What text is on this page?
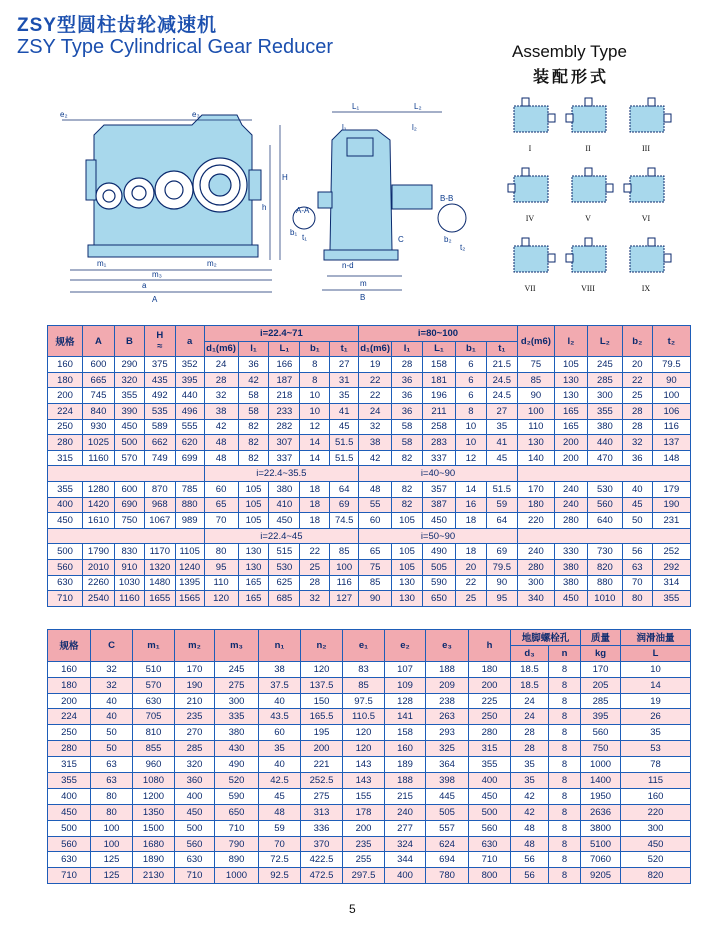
ZSY型圆柱齿轮减速机
ZSY Type Cylindrical Gear Reducer	Assembly Type
装配形式
e₂	e₃
H
h
m₁	m₂
m₃
a
A
L₁
l₁
L₂
l₂
A-A
B-B
b₁
t₁	b₂
t₂
C
n-d
m
B
I	II	III
IV	V	VI
VII	VIII	IX
规格	A	B	H
≈	a	i=22.4~71					i=80~100					d₂(m6)	l₂	L₂	b₂	t₂
					d₁(m6)	l₁	L₁	b₁	t₁	d₁(m6)	l₁	L₁	b₁	t₁					
160	600	290	375	352	24	36	166	8	27	19	28	158	6	21.5	75	105	245	20	79.5
180	665	320	435	395	28	42	187	8	31	22	36	181	6	24.5	85	130	285	22	90
200	745	355	492	440	32	58	218	10	35	22	36	196	6	24.5	90	130	300	25	100
224	840	390	535	496	38	58	233	10	41	24	36	211	8	27	100	165	355	28	106
250	930	450	589	555	42	82	282	12	45	32	58	258	10	35	110	165	380	28	116
280	1025	500	662	620	48	82	307	14	51.5	38	58	283	10	41	130	200	440	32	137
315	1160	570	749	699	48	82	337	14	51.5	42	82	337	12	45	140	200	470	36	148
					i=22.4~35.5					i=40~90									
355	1280	600	870	785	60	105	380	18	64	48	82	357	14	51.5	170	240	530	40	179
400	1420	690	968	880	65	105	410	18	69	55	82	387	16	59	180	240	560	45	190
450	1610	750	1067	989	70	105	450	18	74.5	60	105	450	18	64	220	280	640	50	231
					i=22.4~45					i=50~90									
500	1790	830	1170	1105	80	130	515	22	85	65	105	490	18	69	240	330	730	56	252
560	2010	910	1320	1240	95	130	530	25	100	75	105	505	20	79.5	280	380	820	63	292
630	2260	1030	1480	1395	110	165	625	28	116	85	130	590	22	90	300	380	880	70	314
710	2540	1160	1655	1565	120	165	685	32	127	90	130	650	25	95	340	450	1010	80	355
规格	C	m₁	m₂	m₃	n₁	n₂	e₁	e₂	e₃	h	地脚螺栓孔		质量	润滑油量
											d₃	n	kg	L
160	32	510	170	245	38	120	83	107	188	180	18.5	8	170	10
180	32	570	190	275	37.5	137.5	85	109	209	200	18.5	8	205	14
200	40	630	210	300	40	150	97.5	128	238	225	24	8	285	19
224	40	705	235	335	43.5	165.5	110.5	141	263	250	24	8	395	26
250	50	810	270	380	60	195	120	158	293	280	28	8	560	35
280	50	855	285	430	35	200	120	160	325	315	28	8	750	53
315	63	960	320	490	40	221	143	189	364	355	35	8	1000	78
355	63	1080	360	520	42.5	252.5	143	188	398	400	35	8	1400	115
400	80	1200	400	590	45	275	155	215	445	450	42	8	1950	160
450	80	1350	450	650	48	313	178	240	505	500	42	8	2636	220
500	100	1500	500	710	59	336	200	277	557	560	48	8	3800	300
560	100	1680	560	790	70	370	235	324	624	630	48	8	5100	450
630	125	1890	630	890	72.5	422.5	255	344	694	710	56	8	7060	520
710	125	2130	710	1000	92.5	472.5	297.5	400	780	800	56	8	9205	820
5
